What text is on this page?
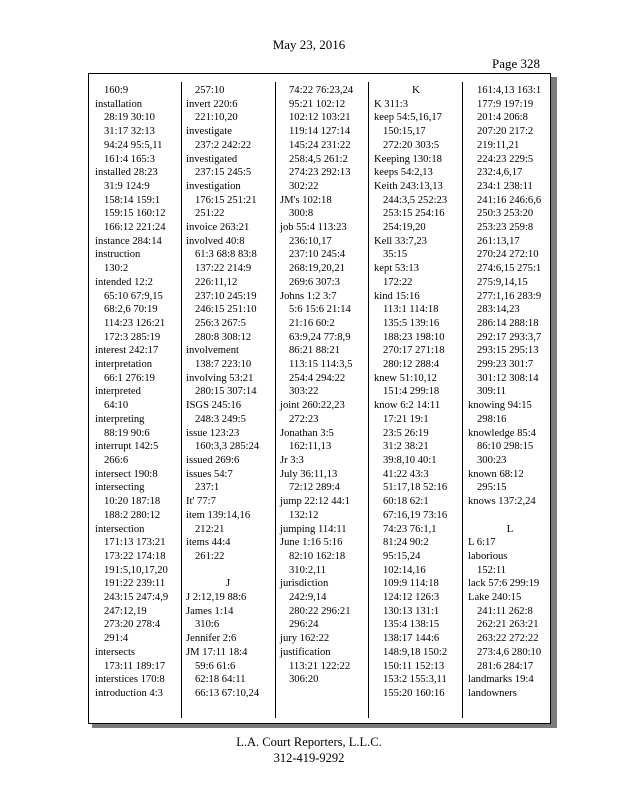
May 23, 2016
Page 328
160:9
installation
28:19 30:10
31:17 32:13
94:24 95:5,11
161:4 165:3
installed 28:23
31:9 124:9
158:14 159:1
159:15 160:12
166:12 221:24
instance 284:14
instruction
130:2
intended 12:2
65:10 67:9,15
68:2,6 70:19
114:23 126:21
172:3 285:19
interest 242:17
interpretation
66:1 276:19
interpreted
64:10
interpreting
88:19 90:6
interrupt 142:5
266:6
intersect 190:8
intersecting
10:20 187:18
188:2 280:12
intersection
171:13 173:21
173:22 174:18
191:5,10,17,20
191:22 239:11
243:15 247:4,9
247:12,19
273:20 278:4
291:4
intersects
173:11 189:17
interstices 170:8
introduction 4:3
257:10
invert 220:6
221:10,20
investigate
237:2 242:22
investigated
237:15 245:5
investigation
176:15 251:21
251:22
invoice 263:21
involved 40:8
61:3 68:8 83:8
137:22 214:9
226:11,12
237:10 245:19
246:15 251:10
256:3 267:5
280:8 308:12
involvement
138:7 223:10
involving 53:21
280:15 307:14
ISGS 245:16
248:3 249:5
issue 123:23
160:3,3 285:24
issued 269:6
issues 54:7
237:1
It' 77:7
item 139:14,16
212:21
items 44:4
261:22

J
J 2:12,19 88:6
James 1:14
310:6
Jennifer 2:6
JM 17:11 18:4
59:6 61:6
62:18 64:11
66:13 67:10,24
74:22 76:23,24
95:21 102:12
102:12 103:21
119:14 127:14
145:24 231:22
258:4,5 261:2
274:23 292:13
302:22
JM's 102:18
300:8
job 55:4 113:23
236:10,17
237:10 245:4
268:19,20,21
269:6 307:3
Johns 1:2 3:7
5:6 15:6 21:14
21:16 60:2
63:9,24 77:8,9
86:21 88:21
113:15 114:3,5
254:4 294:22
303:22
joint 260:22,23
272:23
Jonathan 3:5
162:11,13
Jr 3:3
July 36:11,13
72:12 289:4
jump 22:12 44:1
132:12
jumping 114:11
June 1:16 5:16
82:10 162:18
310:2,11
jurisdiction
242:9,14
280:22 296:21
296:24
jury 162:22
justification
113:21 122:22
306:20
K
K 311:3
keep 54:5,16,17
150:15,17
272:20 303:5
Keeping 130:18
keeps 54:2,13
Keith 243:13,13
244:3,5 252:23
253:15 254:16
254:19,20
Kell 33:7,23
35:15
kept 53:13
172:22
kind 15:16
113:1 114:18
135:5 139:16
188:23 198:10
270:17 271:18
280:12 288:4
knew 51:10,12
151:4 299:18
know 6:2 14:11
17:21 19:1
23:5 26:19
31:2 38:21
39:8,10 40:1
41:22 43:3
51:17,18 52:16
60:18 62:1
67:16,19 73:16
74:23 76:1,1
81:24 90:2
95:15,24
102:14,16
109:9 114:18
124:12 126:3
130:13 131:1
135:4 138:15
138:17 144:6
148:9,18 150:2
150:11 152:13
153:2 155:3,11
155:20 160:16
161:4,13 163:1
177:9 197:19
201:4 206:8
207:20 217:2
219:11,21
224:23 229:5
232:4,6,17
234:1 238:11
241:16 246:6,6
250:3 253:20
253:23 259:8
261:13,17
270:24 272:10
274:6,15 275:1
275:9,14,15
277:1,16 283:9
283:14,23
286:14 288:18
292:17 293:3,7
293:15 295:13
299:23 301:7
301:12 308:14
309:11
knowing 94:15
298:16
knowledge 85:4
86:10 298:15
300:23
known 68:12
295:15
knows 137:2,24

L
L 6:17
laborious
152:11
lack 57:6 299:19
Lake 240:15
241:11 262:8
262:21 263:21
263:22 272:22
273:4,6 280:10
281:6 284:17
landmarks 19:4
landowners
L.A. Court Reporters, L.L.C.
312-419-9292
